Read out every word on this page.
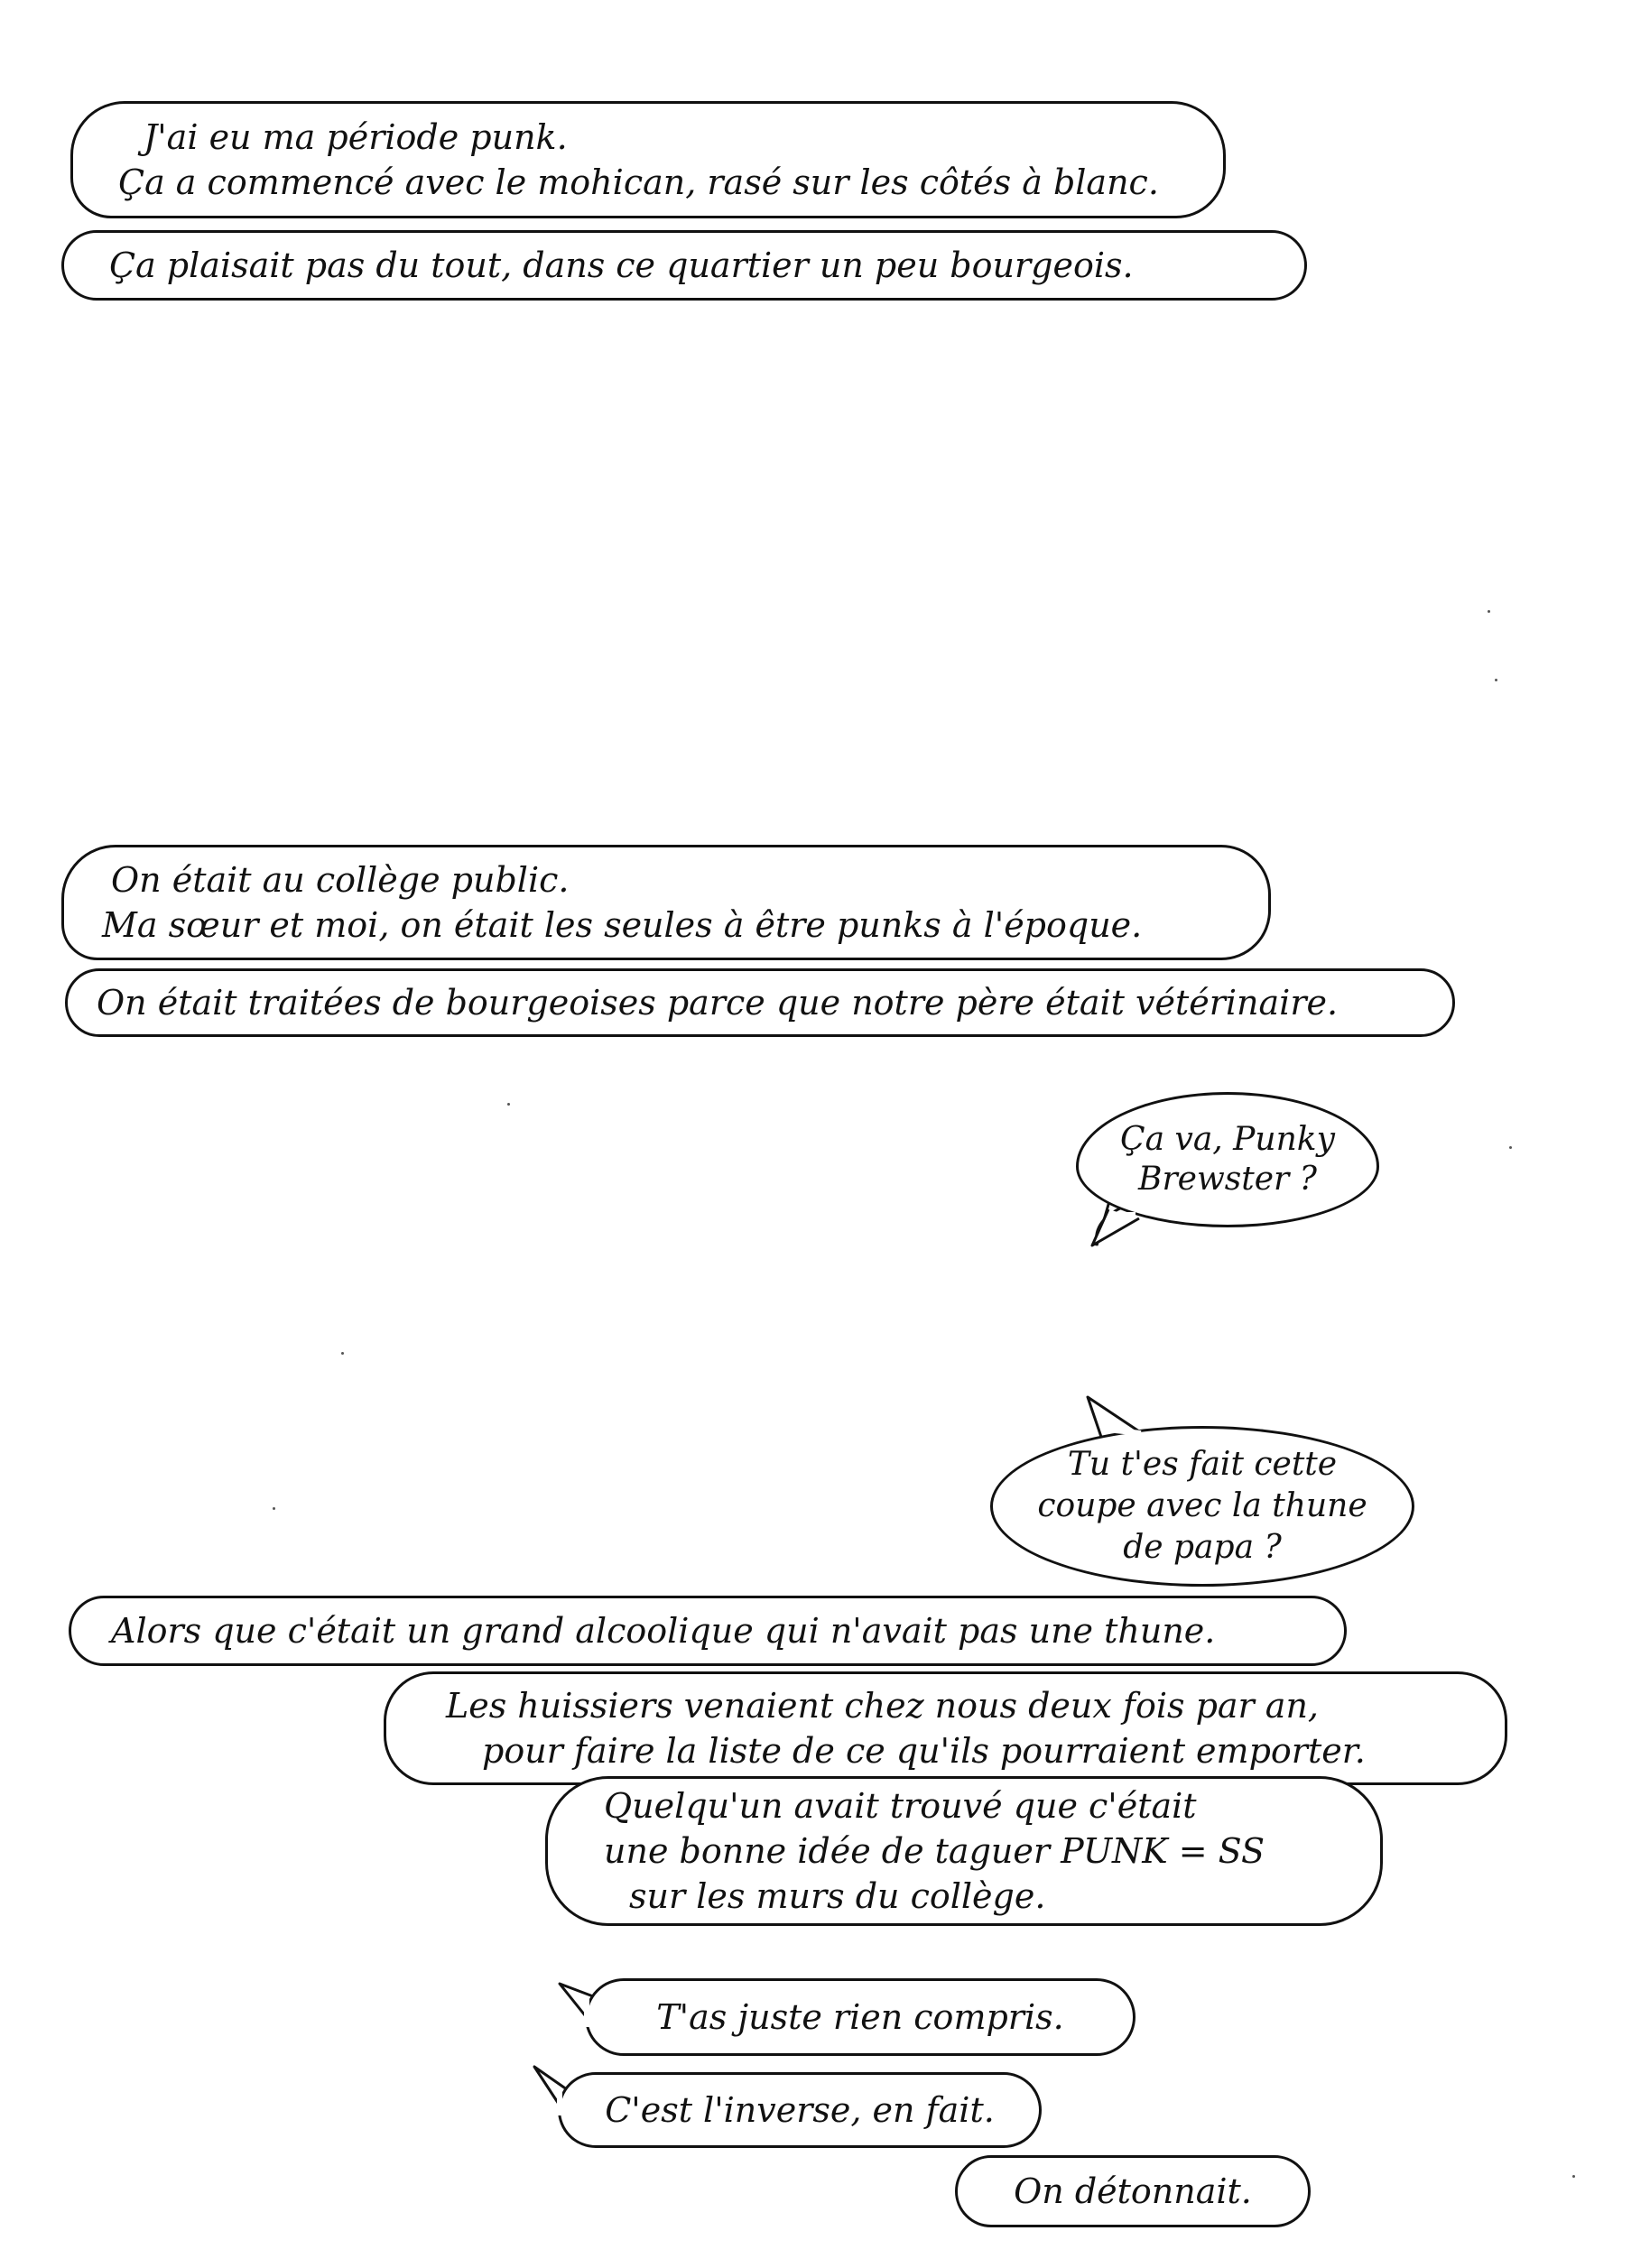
J'ai eu ma période punk.
Ça a commencé avec le mohican, rasé sur les côtés à blanc.
Ça plaisait pas du tout, dans ce quartier un peu bourgeois.
On était au collège public.
Ma sœur et moi, on était les seules à être punks à l'époque.
On était traitées de bourgeoises parce que notre père était vétérinaire.
Ça va, Punky
Brewster ?
Tu t'es fait cette
coupe avec la thune
de papa ?
Alors que c'était un grand alcoolique qui n'avait pas une thune.
Les huissiers venaient chez nous deux fois par an,
pour faire la liste de ce qu'ils pourraient emporter.
Quelqu'un avait trouvé que c'était
une bonne idée de taguer PUNK = SS
sur les murs du collège.
T'as juste rien compris.
C'est l'inverse, en fait.
On détonnait.
